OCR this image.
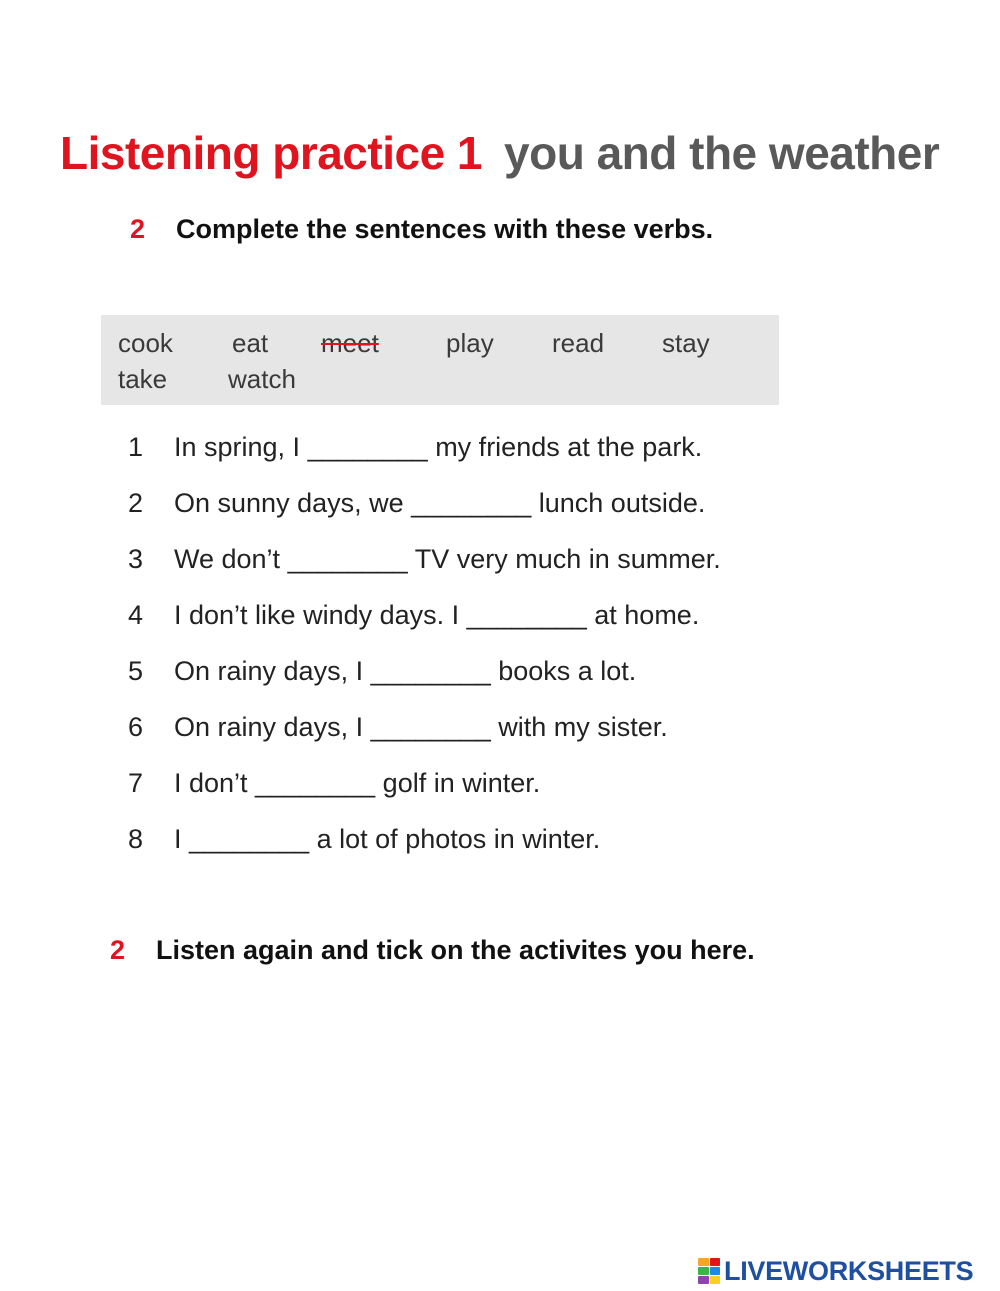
Listening practice 1 you and the weather
2 Complete the sentences with these verbs.
cook eat meet	play read stay
take watch
1 In spring, I ________ my friends at the park.
2 On sunny days, we ________ lunch outside.
3 We don’t ________ TV very much in summer.
4 I don’t like windy days. I ________ at home.
5 On rainy days, I ________ books a lot.
6 On rainy days, I ________ with my sister.
7 I don’t ________ golf in winter.
8 I ________ a lot of photos in winter.
2 Listen again and tick on the activites you here.
LIVEWORKSHEETS
